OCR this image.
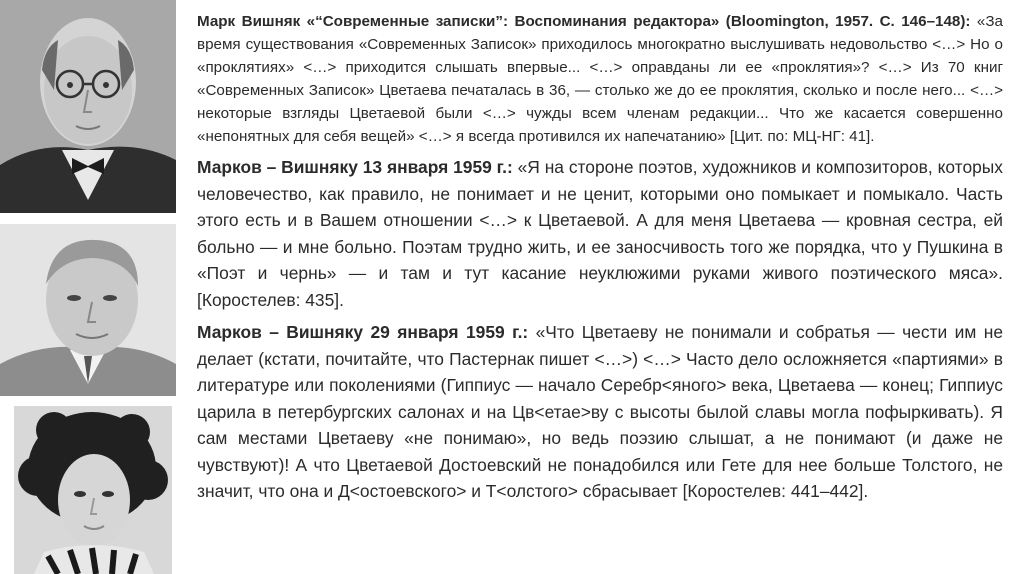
Марк Вишняк «“Современные записки”: Воспоминания редактора» (Bloomington, 1957. С. 146–148): «За время существования «Современных Записок» приходилось многократно выслушивать недовольство <…> Но о «проклятиях» <…> приходится слышать впервые... <…> оправданы ли ее «проклятия»? <…> Из 70 книг «Современных Записок» Цветаева печаталась в 36, — столько же до ее проклятия, сколько и после него... <…> некоторые взгляды Цветаевой были <…> чужды всем членам редакции... Что же касается совершенно «непонятных для себя вещей» <…> я всегда противился их напечатанию» [Цит. по: МЦ-НГ: 41].

Марков – Вишняку 13 января 1959 г.: «Я на стороне поэтов, художников и композиторов, которых человечество, как правило, не понимает и не ценит, которыми оно помыкает и помыкало. Часть этого есть и в Вашем отношении <…> к Цветаевой. А для меня Цветаева — кровная сестра, ей больно — и мне больно. Поэтам трудно жить, и ее заносчивость того же порядка, что у Пушкина в «Поэт и чернь» — и там и тут касание неуклюжими руками живого поэтического мяса». [Коростелев: 435].

Марков – Вишняку 29 января 1959 г.: «Что Цветаеву не понимали и собратья — чести им не делает (кстати, почитайте, что Пастернак пишет <…>) <…> Часто дело осложняется «партиями» в литературе или поколениями (Гиппиус — начало Серебр<яного> века, Цветаева — конец; Гиппиус царила в петербургских салонах и на Цв<етае>ву с высоты былой славы могла пофыркивать). Я сам местами Цветаеву «не понимаю», но ведь поэзию слышат, а не понимают (и даже не чувствуют)! А что Цветаевой Достоевский не понадобился или Гете для нее больше Толстого, не значит, что она и Д<остоевского> и Т<олстого> сбрасывает [Коростелев: 441–442].
